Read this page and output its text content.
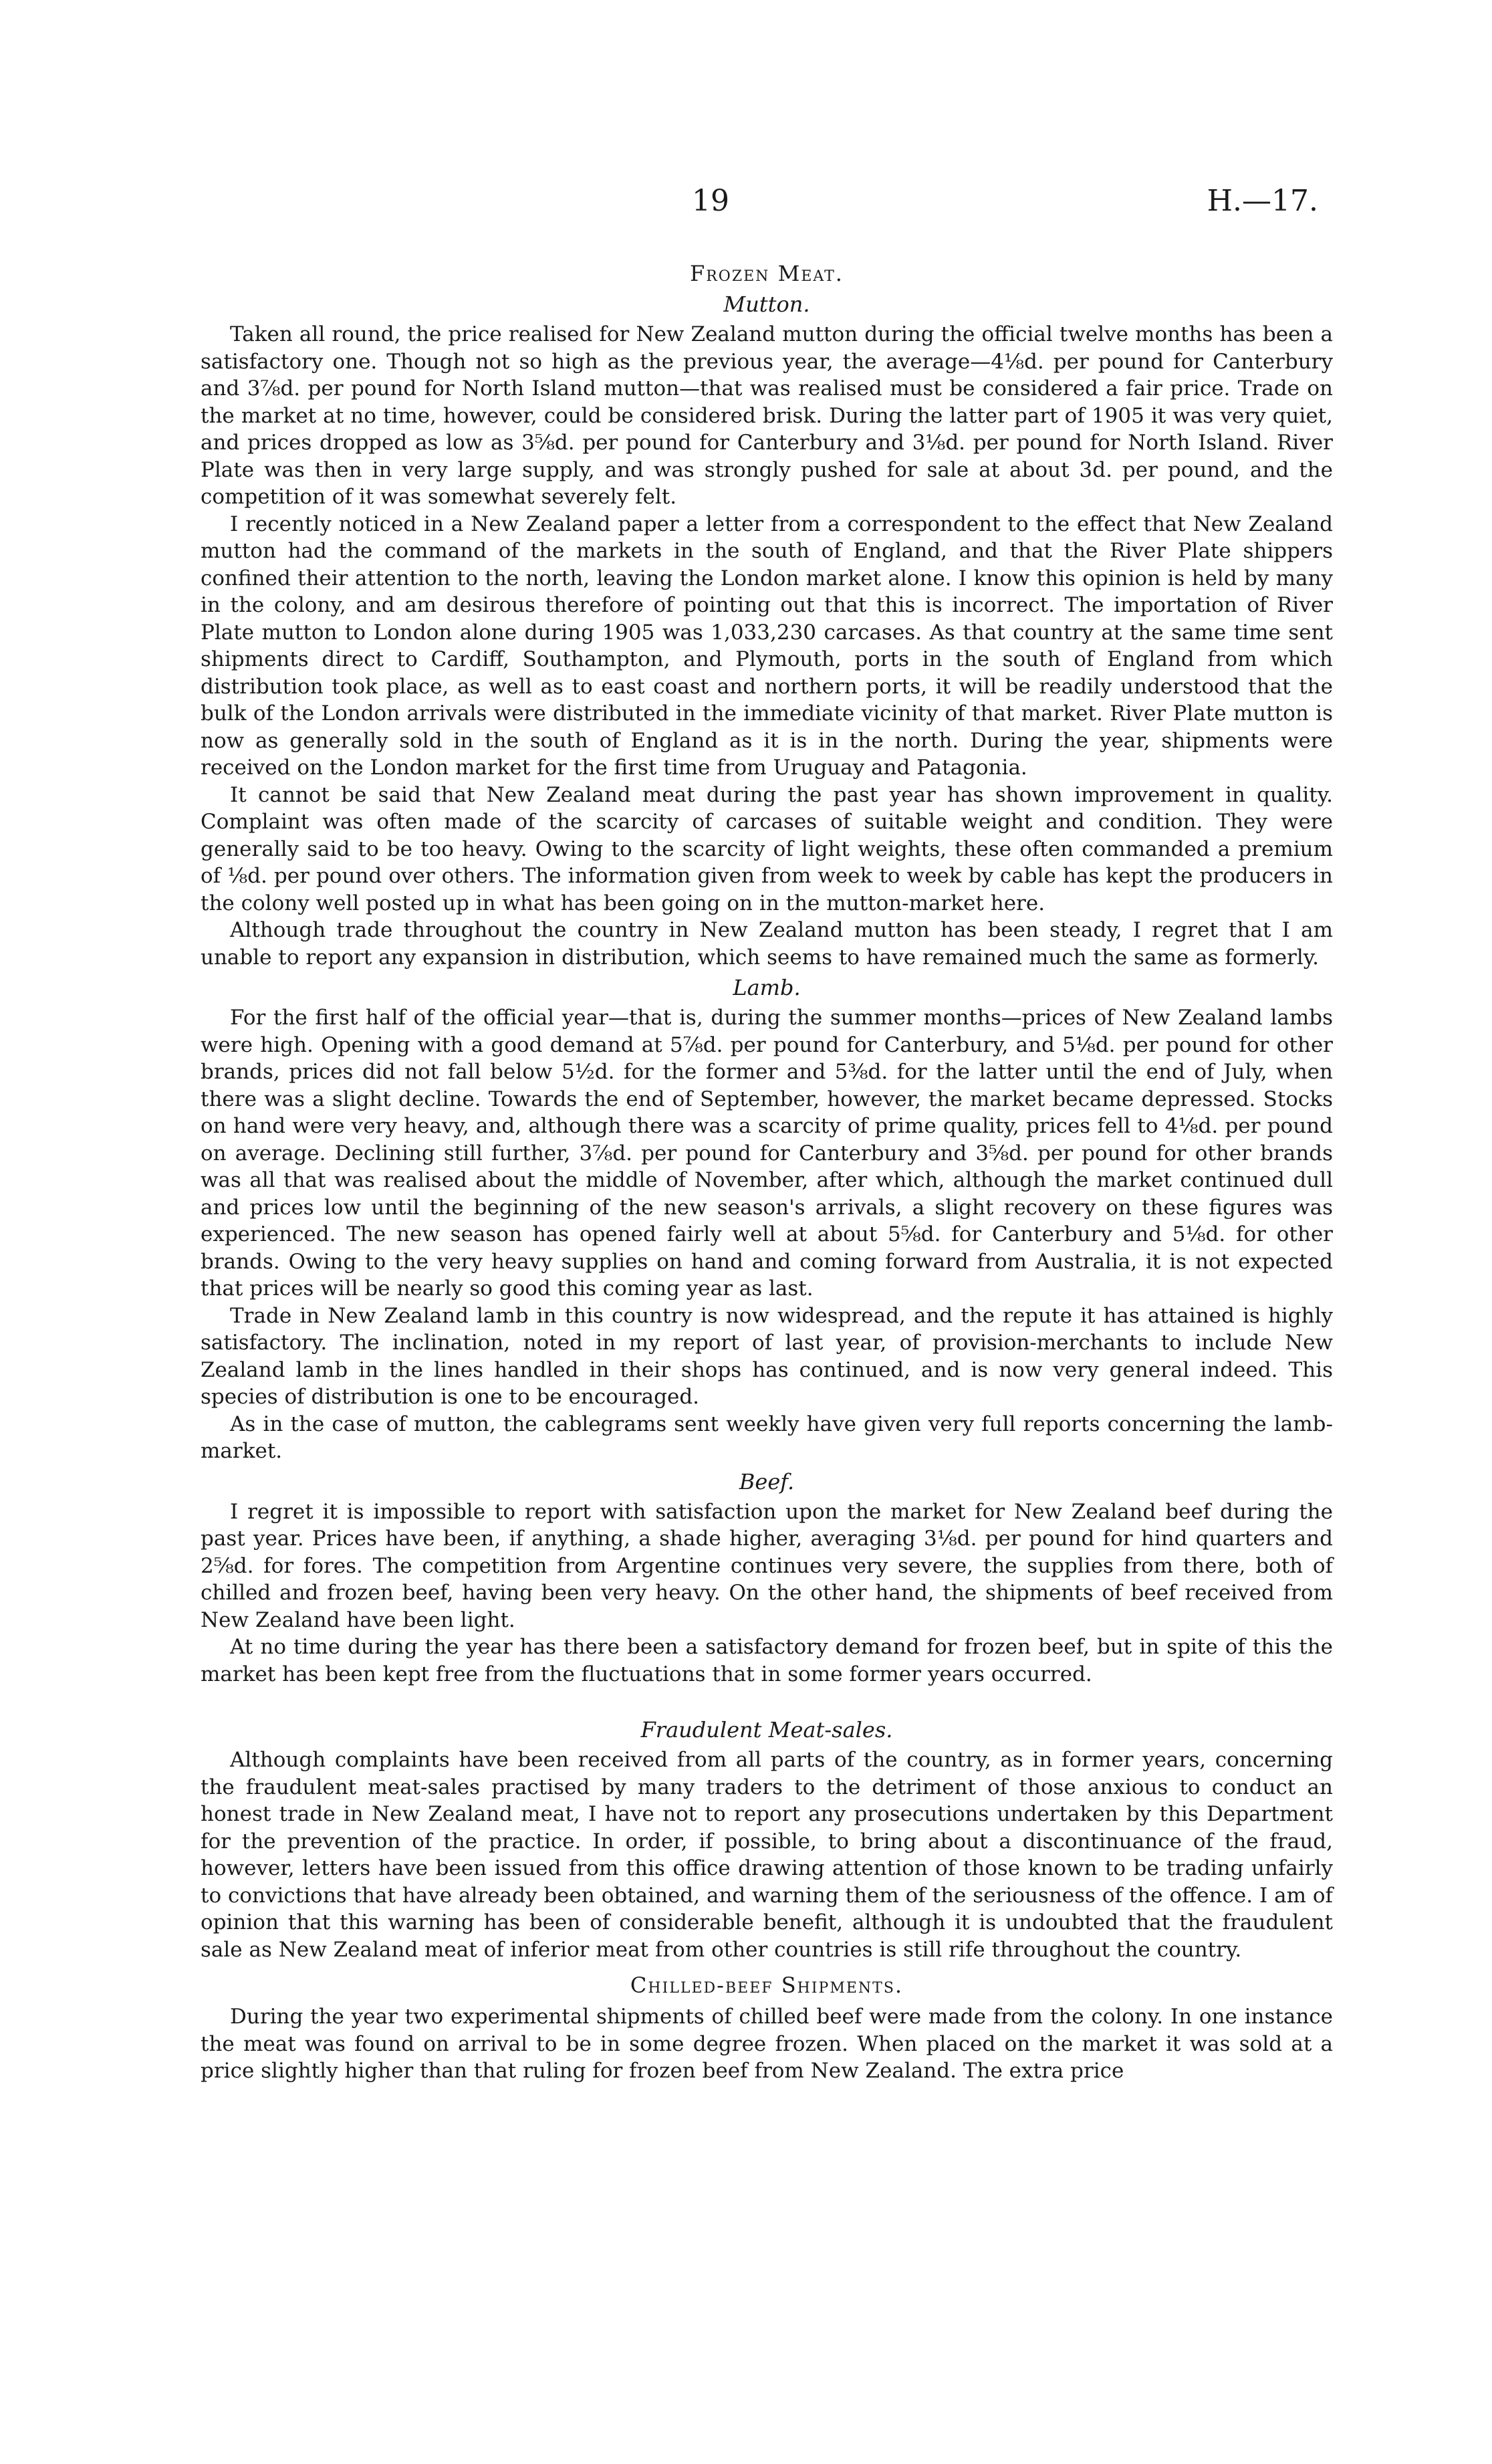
19	H.—17.
Frozen Meat.
Mutton.

Taken all round, the price realised for New Zealand mutton during the official twelve months has been a satisfactory one. Though not so high as the previous year, the average—4⅛d. per pound for Canterbury and 3⅞d. per pound for North Island mutton—that was realised must be considered a fair price. Trade on the market at no time, however, could be considered brisk. During the latter part of 1905 it was very quiet, and prices dropped as low as 3⅝d. per pound for Canterbury and 3⅛d. per pound for North Island. River Plate was then in very large supply, and was strongly pushed for sale at about 3d. per pound, and the competition of it was somewhat severely felt.

I recently noticed in a New Zealand paper a letter from a correspondent to the effect that New Zealand mutton had the command of the markets in the south of England, and that the River Plate shippers confined their attention to the north, leaving the London market alone. I know this opinion is held by many in the colony, and am desirous therefore of pointing out that this is incorrect. The importation of River Plate mutton to London alone during 1905 was 1,033,230 carcases. As that country at the same time sent shipments direct to Cardiff, Southampton, and Plymouth, ports in the south of England from which distribution took place, as well as to east coast and northern ports, it will be readily understood that the bulk of the London arrivals were distributed in the immediate vicinity of that market. River Plate mutton is now as generally sold in the south of England as it is in the north. During the year, shipments were received on the London market for the first time from Uruguay and Patagonia.

It cannot be said that New Zealand meat during the past year has shown improvement in quality. Complaint was often made of the scarcity of carcases of suitable weight and condition. They were generally said to be too heavy. Owing to the scarcity of light weights, these often commanded a premium of ⅛d. per pound over others. The information given from week to week by cable has kept the producers in the colony well posted up in what has been going on in the mutton-market here.

Although trade throughout the country in New Zealand mutton has been steady, I regret that I am unable to report any expansion in distribution, which seems to have remained much the same as formerly.

Lamb.

For the first half of the official year—that is, during the summer months—prices of New Zealand lambs were high. Opening with a good demand at 5⅞d. per pound for Canterbury, and 5⅛d. per pound for other brands, prices did not fall below 5½d. for the former and 5⅜d. for the latter until the end of July, when there was a slight decline. Towards the end of September, however, the market became depressed. Stocks on hand were very heavy, and, although there was a scarcity of prime quality, prices fell to 4⅛d. per pound on average. Declining still further, 3⅞d. per pound for Canterbury and 3⅝d. per pound for other brands was all that was realised about the middle of November, after which, although the market continued dull and prices low until the beginning of the new season's arrivals, a slight recovery on these figures was experienced. The new season has opened fairly well at about 5⅝d. for Canterbury and 5⅛d. for other brands. Owing to the very heavy supplies on hand and coming forward from Australia, it is not expected that prices will be nearly so good this coming year as last.

Trade in New Zealand lamb in this country is now widespread, and the repute it has attained is highly satisfactory. The inclination, noted in my report of last year, of provision-merchants to include New Zealand lamb in the lines handled in their shops has continued, and is now very general indeed. This species of distribution is one to be encouraged.

As in the case of mutton, the cablegrams sent weekly have given very full reports concerning the lamb-market.

Beef.

I regret it is impossible to report with satisfaction upon the market for New Zealand beef during the past year. Prices have been, if anything, a shade higher, averaging 3⅛d. per pound for hind quarters and 2⅝d. for fores. The competition from Argentine continues very severe, the supplies from there, both of chilled and frozen beef, having been very heavy. On the other hand, the shipments of beef received from New Zealand have been light.

At no time during the year has there been a satisfactory demand for frozen beef, but in spite of this the market has been kept free from the fluctuations that in some former years occurred.

Fraudulent Meat-sales.

Although complaints have been received from all parts of the country, as in former years, concerning the fraudulent meat-sales practised by many traders to the detriment of those anxious to conduct an honest trade in New Zealand meat, I have not to report any prosecutions undertaken by this Department for the prevention of the practice. In order, if possible, to bring about a discontinuance of the fraud, however, letters have been issued from this office drawing attention of those known to be trading unfairly to convictions that have already been obtained, and warning them of the seriousness of the offence. I am of opinion that this warning has been of considerable benefit, although it is undoubted that the fraudulent sale as New Zealand meat of inferior meat from other countries is still rife throughout the country.

Chilled-beef Shipments.

During the year two experimental shipments of chilled beef were made from the colony. In one instance the meat was found on arrival to be in some degree frozen. When placed on the market it was sold at a price slightly higher than that ruling for frozen beef from New Zealand. The extra price
